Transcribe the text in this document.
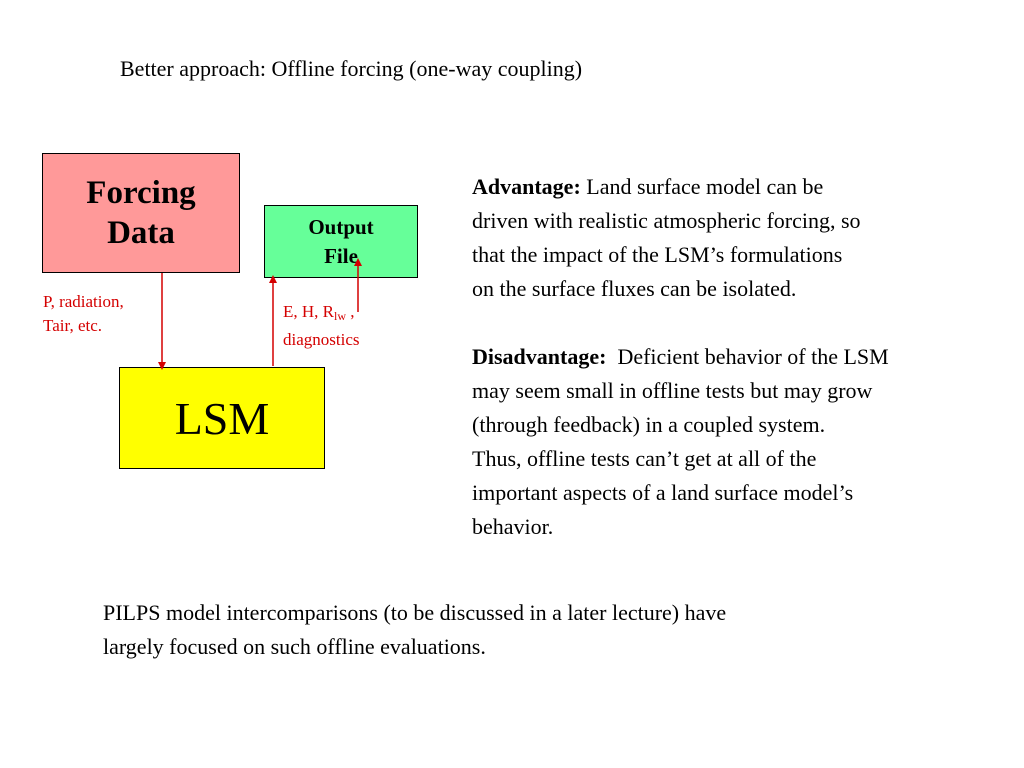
Better approach: Offline forcing (one-way coupling)
Forcing
Data	Output
File
LSM
P, radiation,
Tair, etc.
E, H, $R_{lw}$ ,
diagnostics
Advantage: Land surface model can be
driven with realistic atmospheric forcing, so
that the impact of the LSM’s formulations
on the surface fluxes can be isolated.
Disadvantage:  Deficient behavior of the LSM
may seem small in offline tests but may grow
(through feedback) in a coupled system.
Thus, offline tests can’t get at all of the
important aspects of a land surface model’s
behavior.
PILPS model intercomparisons (to be discussed in a later lecture) have
largely focused on such offline evaluations.
